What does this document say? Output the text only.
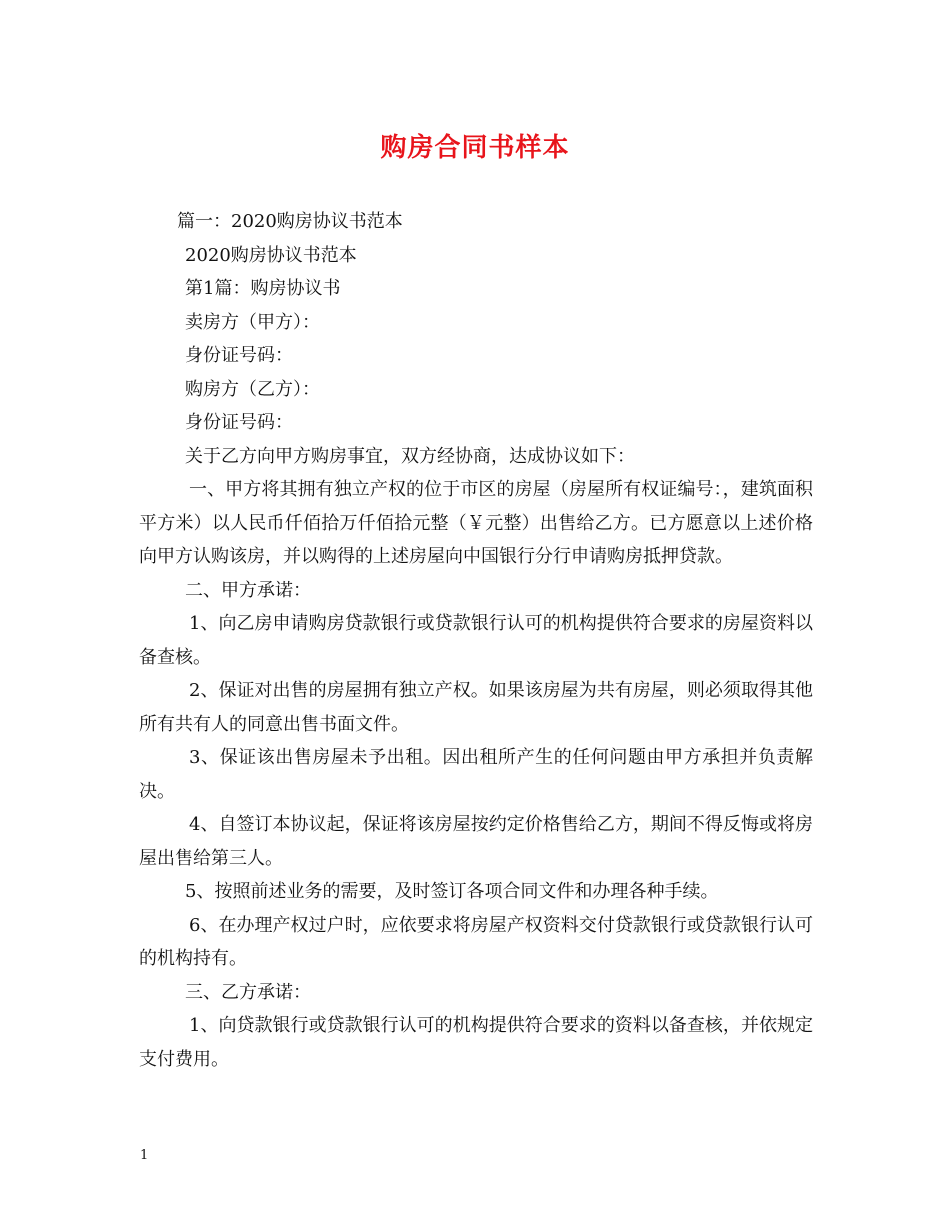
购房合同书样本
篇一：2020购房协议书范本
2020购房协议书范本
第1篇：购房协议书
卖房方（甲方）：
身份证号码：
购房方（乙方）：
身份证号码：
关于乙方向甲方购房事宜，双方经协商，达成协议如下：
一、甲方将其拥有独立产权的位于市区的房屋（房屋所有权证编号：，建筑面积平方米）以人民币仟佰拾万仟佰拾元整（￥元整）出售给乙方。已方愿意以上述价格向甲方认购该房，并以购得的上述房屋向中国银行分行申请购房抵押贷款。
二、甲方承诺：
1、向乙房申请购房贷款银行或贷款银行认可的机构提供符合要求的房屋资料以备查核。
2、保证对出售的房屋拥有独立产权。如果该房屋为共有房屋，则必须取得其他所有共有人的同意出售书面文件。
3、保证该出售房屋未予出租。因出租所产生的任何问题由甲方承担并负责解决。
4、自签订本协议起，保证将该房屋按约定价格售给乙方，期间不得反悔或将房屋出售给第三人。
5、按照前述业务的需要，及时签订各项合同文件和办理各种手续。
6、在办理产权过户时，应依要求将房屋产权资料交付贷款银行或贷款银行认可的机构持有。
三、乙方承诺：
1、向贷款银行或贷款银行认可的机构提供符合要求的资料以备查核，并依规定支付费用。
1
